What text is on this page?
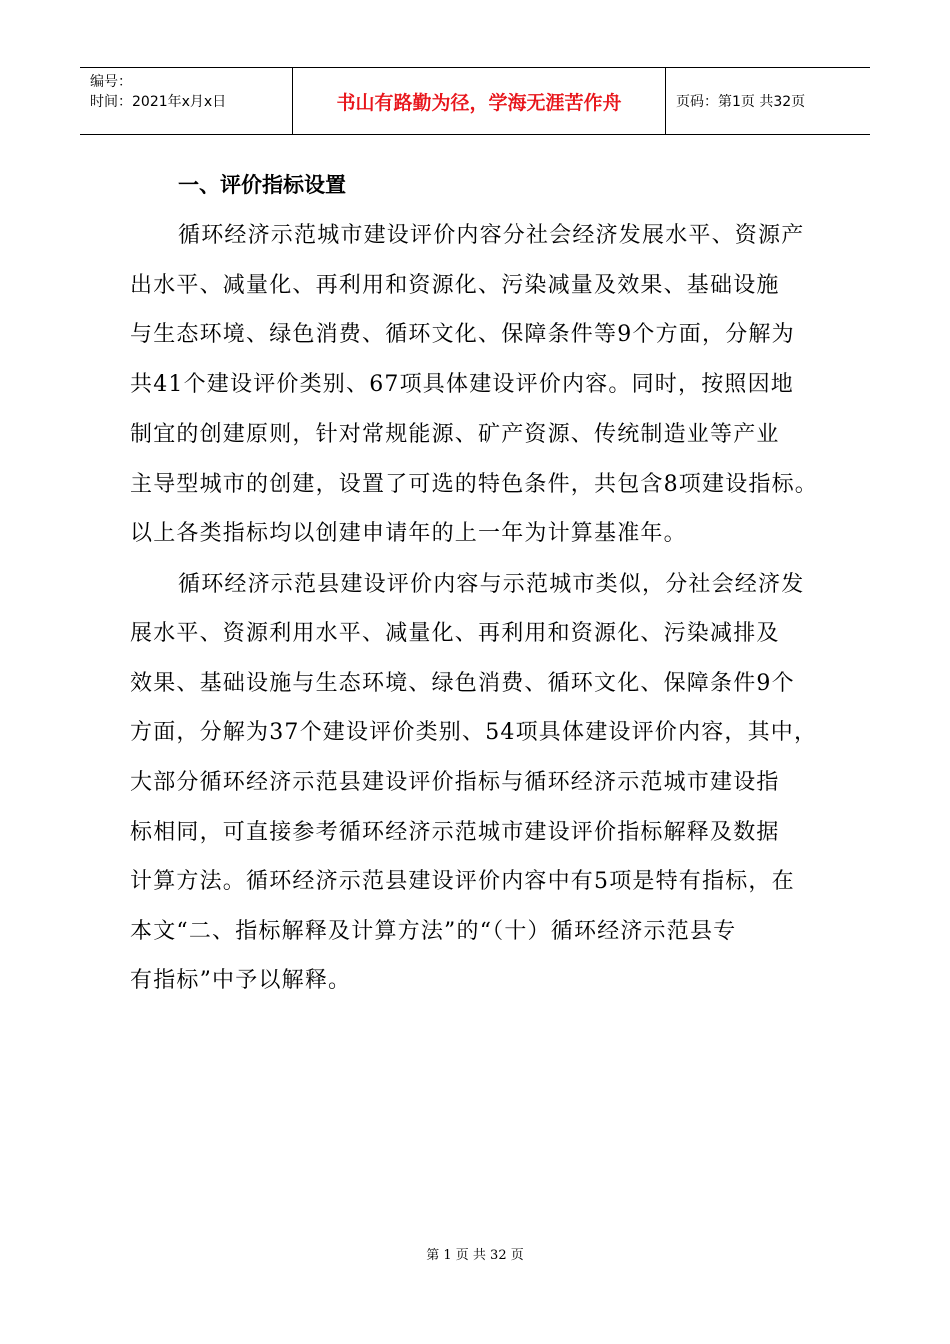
编号：
时间：2021年x月x日	书山有路勤为径，学海无涯苦作舟	页码：第1页 共32页
一、评价指标设置
循环经济示范城市建设评价内容分社会经济发展水平、资源产
出水平、减量化、再利用和资源化、污染减量及效果、基础设施
与生态环境、绿色消费、循环文化、保障条件等9个方面，分解为
共41个建设评价类别、67项具体建设评价内容。同时，按照因地
制宜的创建原则，针对常规能源、矿产资源、传统制造业等产业
主导型城市的创建，设置了可选的特色条件，共包含8项建设指标。
以上各类指标均以创建申请年的上一年为计算基准年。
循环经济示范县建设评价内容与示范城市类似，分社会经济发
展水平、资源利用水平、减量化、再利用和资源化、污染减排及
效果、基础设施与生态环境、绿色消费、循环文化、保障条件9个
方面，分解为37个建设评价类别、54项具体建设评价内容，其中，
大部分循环经济示范县建设评价指标与循环经济示范城市建设指
标相同，可直接参考循环经济示范城市建设评价指标解释及数据
计算方法。循环经济示范县建设评价内容中有5项是特有指标，在
本文“二、指标解释及计算方法”的“（十）循环经济示范县专
有指标”中予以解释。
第 1 页 共 32 页
